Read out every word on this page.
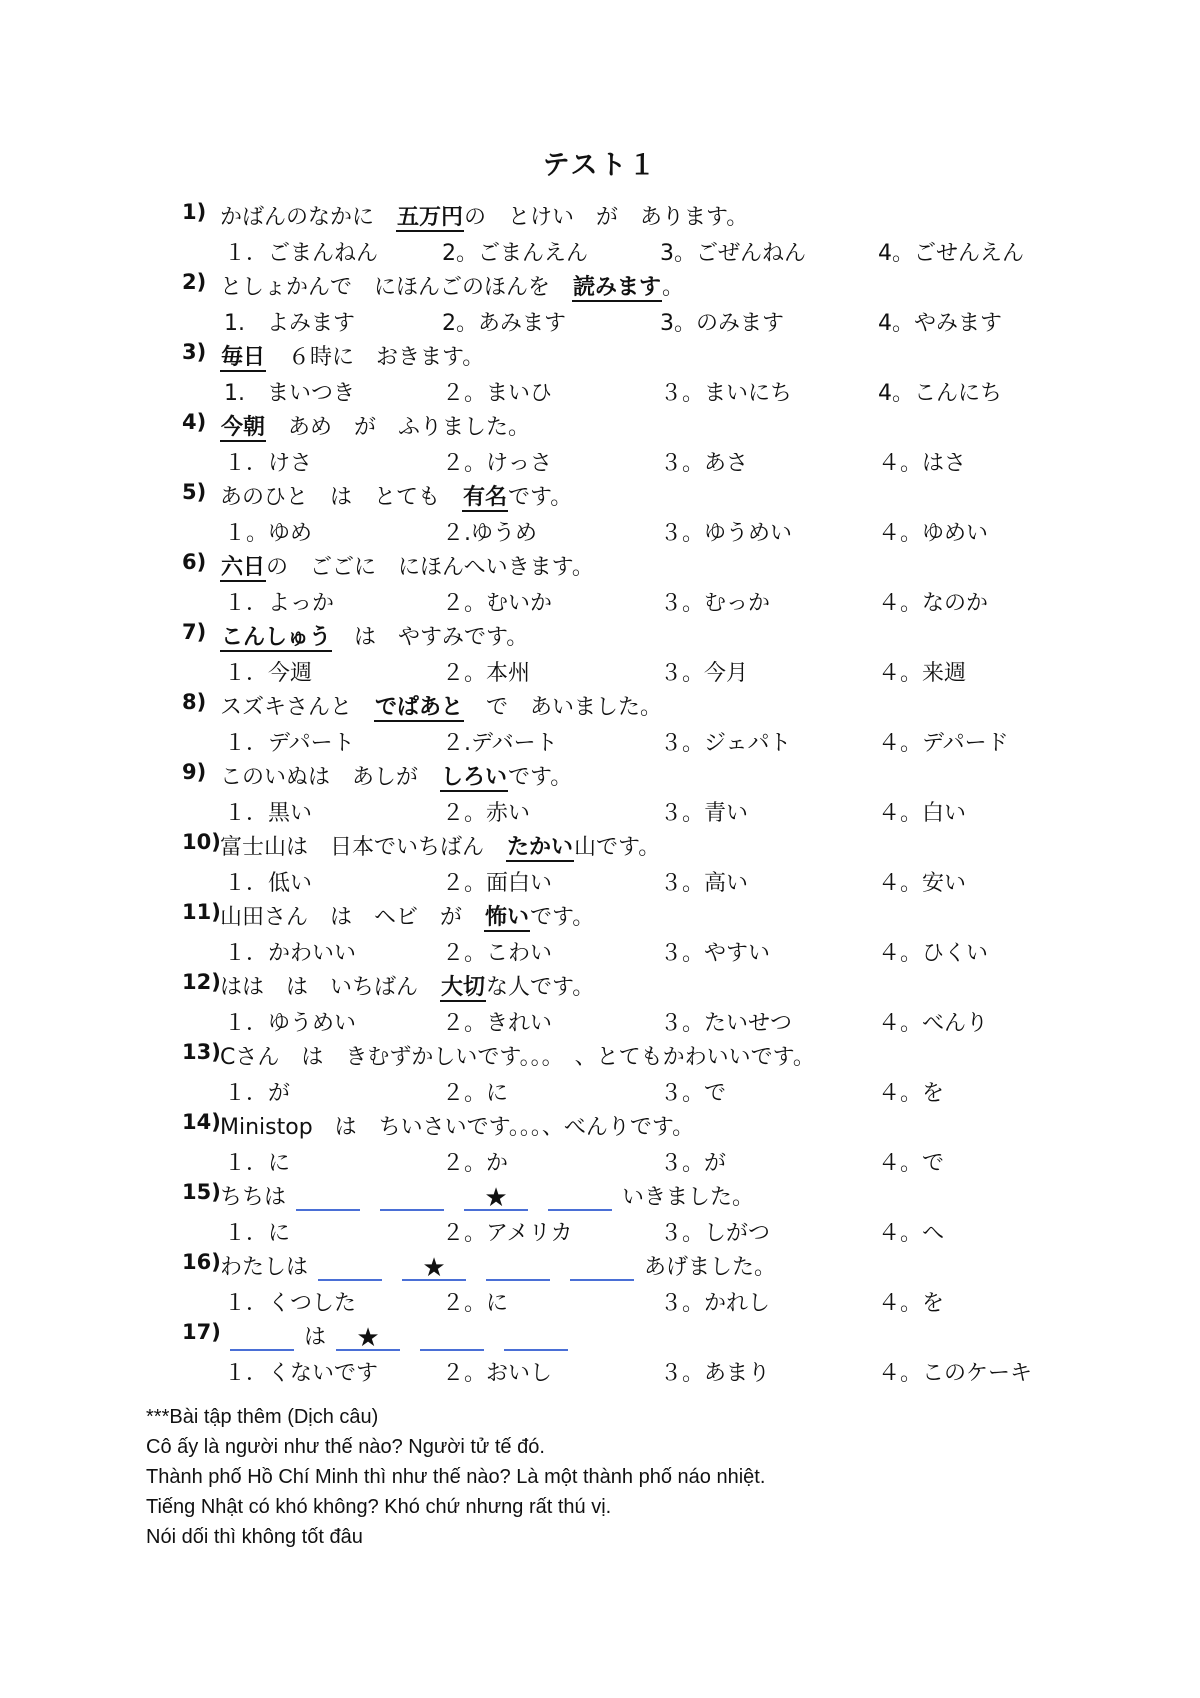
テスト１
1) かばんのなかに　五万円の　とけい　が　あります。
１．ごまんねん	2。ごまんえん	3。ごぜんねん	4。ごせんえん
2) としょかんで　にほんごのほんを　読みます。
1.　よみます	2。あみます	3。のみます	4。やみます
3) 毎日　６時に　おきます。
1.　まいつき	２。まいひ	３。まいにち	4。こんにち
4) 今朝　あめ　が　ふりました。
１．けさ	２。けっさ	３。あさ	４。はさ
5) あのひと　は　とても　有名です。
１。ゆめ	２.ゆうめ	３。ゆうめい	４。ゆめい
6) 六日の　ごごに　にほんへいきます。
１．よっか	２。むいか	３。むっか	４。なのか
7) こんしゅう　は　やすみです。
１．今週	２。本州	３。今月	４。来週
8) スズキさんと　でぱあと　で　あいました。
１．デパート	２.デバート	３。ジェパト	４。デパード
9) このいぬは　あしが　しろいです。
１．黒い	２。赤い	３。青い	４。白い
10) 富士山は　日本でいちばん　たかい山です。
１．低い	２。面白い	３。高い	４。安い
11) 山田さん　は　ヘビ　が　怖いです。
１．かわいい	２。こわい	３。やすい	４。ひくい
12) はは　は　いちばん　大切な人です。
１．ゆうめい	２。きれい	３。たいせつ	４。べんり
13) Cさん　は　きむずかしいです。。。　、とてもかわいいです。
１．が	２。に	３。で	４。を
14) Ministop　は　ちいさいです。。。、べんりです。
１．に	２。か	３。が	４。で
15) ちちは ★	いきました。
１．に	２。アメリカ	３。しがつ	４。へ
16) わたしは ★	あげました。
１．くつした	２。に	３。かれし	４。を
17)	は★
１．くないです	２。おいし	３。あまり	４。このケーキ
***Bài tập thêm (Dịch câu)
Cô ấy là người như thế nào? Người tử tế đó.
Thành phố Hồ Chí Minh thì như thế nào? Là một thành phố náo nhiệt.
Tiếng Nhật có khó không? Khó chứ nhưng rất thú vị.
Nói dối thì không tốt đâu
